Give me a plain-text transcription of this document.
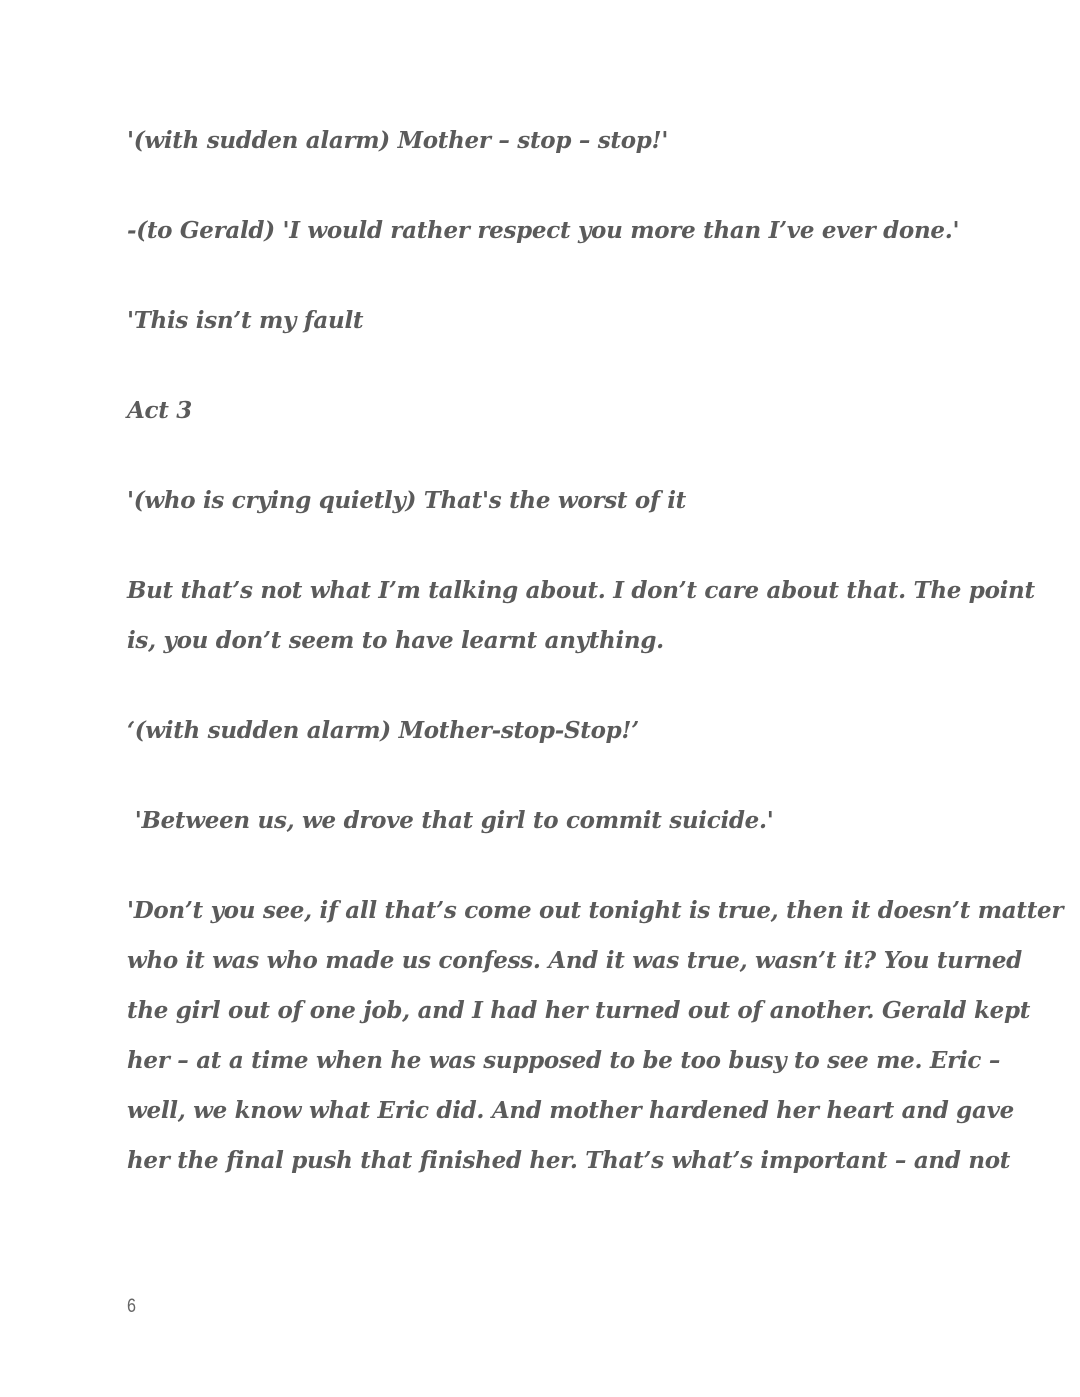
'(with sudden alarm) Mother – stop – stop!'

-(to Gerald) 'I would rather respect you more than I’ve ever done.'

'This isn’t my fault

Act 3

'(who is crying quietly) That's the worst of it

But that’s not what I’m talking about. I don’t care about that. The point
is, you don’t seem to have learnt anything.

‘(with sudden alarm) Mother-stop-Stop!’

'Between us, we drove that girl to commit suicide.'

'Don’t you see, if all that’s come out tonight is true, then it doesn’t matter
who it was who made us confess. And it was true, wasn’t it? You turned
the girl out of one job, and I had her turned out of another. Gerald kept
her – at a time when he was supposed to be too busy to see me. Eric –
well, we know what Eric did. And mother hardened her heart and gave
her the final push that finished her. That’s what’s important – and not
6
